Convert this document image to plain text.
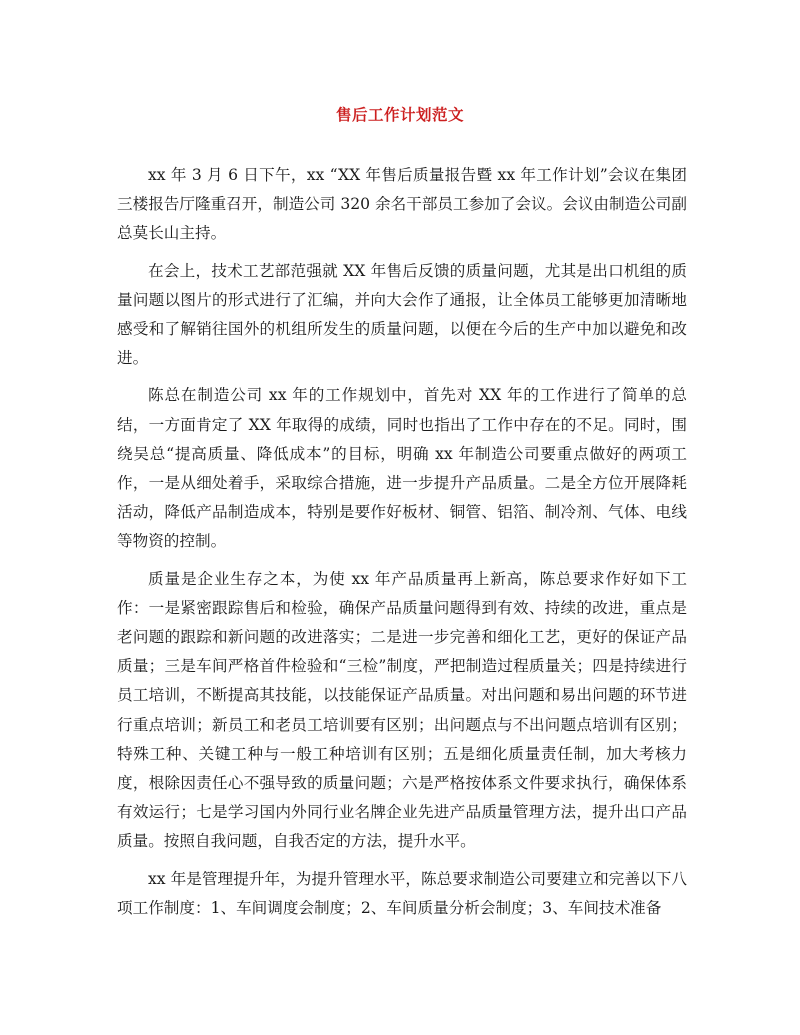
售后工作计划范文

xx 年 3 月 6 日下午，xx “XX 年售后质量报告暨 xx 年工作计划”会议在集团三楼报告厅隆重召开，制造公司 320 余名干部员工参加了会议。会议由制造公司副总莫长山主持。

在会上，技术工艺部范强就 XX 年售后反馈的质量问题，尤其是出口机组的质量问题以图片的形式进行了汇编，并向大会作了通报，让全体员工能够更加清晰地感受和了解销往国外的机组所发生的质量问题，以便在今后的生产中加以避免和改进。

陈总在制造公司 xx 年的工作规划中，首先对 XX 年的工作进行了简单的总结，一方面肯定了 XX 年取得的成绩，同时也指出了工作中存在的不足。同时，围绕吴总“提高质量、降低成本”的目标，明确 xx 年制造公司要重点做好的两项工作，一是从细处着手，采取综合措施，进一步提升产品质量。二是全方位开展降耗活动，降低产品制造成本，特别是要作好板材、铜管、铝箔、制冷剂、气体、电线等物资的控制。

质量是企业生存之本，为使 xx 年产品质量再上新高，陈总要求作好如下工作：一是紧密跟踪售后和检验，确保产品质量问题得到有效、持续的改进，重点是老问题的跟踪和新问题的改进落实；二是进一步完善和细化工艺，更好的保证产品质量；三是车间严格首件检验和“三检”制度，严把制造过程质量关；四是持续进行员工培训，不断提高其技能，以技能保证产品质量。对出问题和易出问题的环节进行重点培训；新员工和老员工培训要有区别；出问题点与不出问题点培训有区别；特殊工种、关键工种与一般工种培训有区别；五是细化质量责任制，加大考核力度，根除因责任心不强导致的质量问题；六是严格按体系文件要求执行，确保体系有效运行；七是学习国内外同行业名牌企业先进产品质量管理方法，提升出口产品质量。按照自我问题，自我否定的方法，提升水平。

xx 年是管理提升年，为提升管理水平，陈总要求制造公司要建立和完善以下八项工作制度：1、车间调度会制度；2、车间质量分析会制度；3、车间技术准备
